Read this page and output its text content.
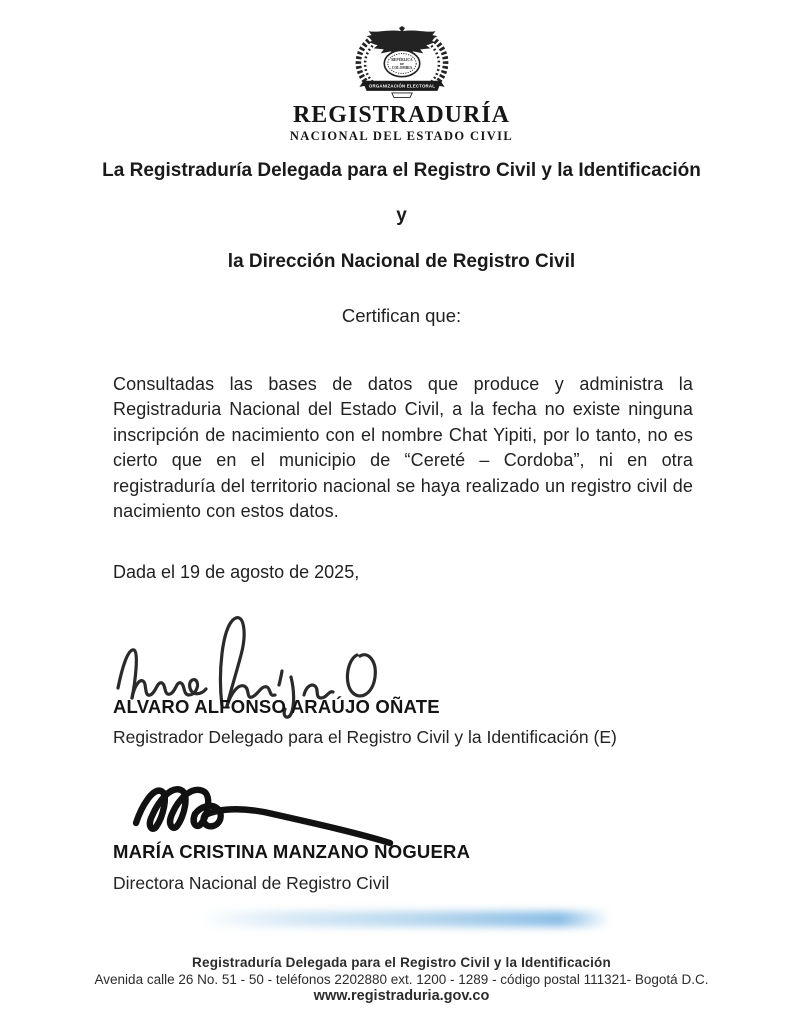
REPÚBLICA
DE
COLOMBIA
ORGANIZACIÓN ELECTORAL
REGISTRADURÍA
NACIONAL DEL ESTADO CIVIL
La Registraduría Delegada para el Registro Civil y la Identificación
y
la Dirección Nacional de Registro Civil
Certifican que:

Consultadas las bases de datos que produce y administra la Registraduria Nacional del Estado Civil, a la fecha no existe ninguna inscripción de nacimiento con el nombre Chat Yipiti, por lo tanto, no es cierto que en el municipio de “Cereté – Cordoba”, ni en otra registraduría del territorio nacional se haya realizado un registro civil de nacimiento con estos datos.

Dada el 19 de agosto de 2025,
ALVARO ALFONSO ARAÚJO OÑATE
Registrador Delegado para el Registro Civil y la Identificación (E)
MARÍA CRISTINA MANZANO NOGUERA
Directora Nacional de Registro Civil
Registraduría Delegada para el Registro Civil y la Identificación
Avenida calle 26 No. 51 - 50 - teléfonos 2202880 ext. 1200 - 1289 - código postal 111321- Bogotá D.C.
www.registraduria.gov.co
